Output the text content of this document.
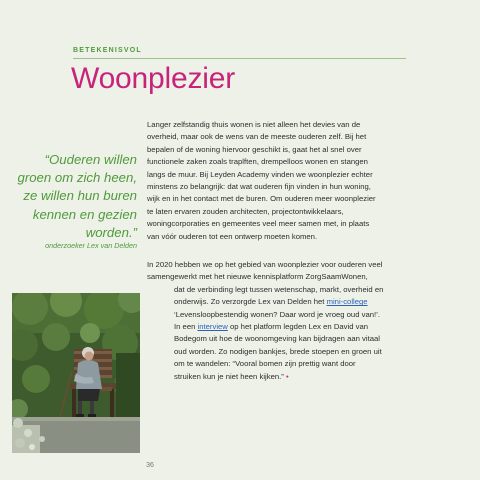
BETEKENISVOL
Woonplezier
“Ouderen willen
groen om zich heen,
ze willen hun buren
kennen en gezien
worden.”
onderzoeker Lex van Delden
Langer zelfstandig thuis wonen is niet alleen het devies van de
overheid, maar ook de wens van de meeste ouderen zelf. Bij het
bepalen of de woning hiervoor geschikt is, gaat het al snel over
functionele zaken zoals traplften, drempelloos wonen en stangen
langs de muur. Bij Leyden Academy vinden we woonplezier echter
minstens zo belangrijk: dat wat ouderen fijn vinden in hun woning,
wijk en in het contact met de buren. Om ouderen meer woonplezier
te laten ervaren zouden architecten, projectontwikkelaars,
woningcorporaties en gemeentes veel meer samen met, in plaats
van vóór ouderen tot een ontwerp moeten komen.
In 2020 hebben we op het gebied van woonplezier voor ouderen veel
samengewerkt met het nieuwe kennisplatform ZorgSaamWonen,
dat de verbinding legt tussen wetenschap, markt, overheid en
onderwijs. Zo verzorgde Lex van Delden het mini-college
‘Levensloopbestendig wonen? Daar word je vroeg oud van!’.
In een interview op het platform legden Lex en David van
Bodegom uit hoe de woonomgeving kan bijdragen aan vitaal
oud worden. Zo nodigen bankjes, brede stoepen en groen uit
om te wandelen: “Vooral bomen zijn prettig want door
struiken kun je niet heen kijken.” •
36
